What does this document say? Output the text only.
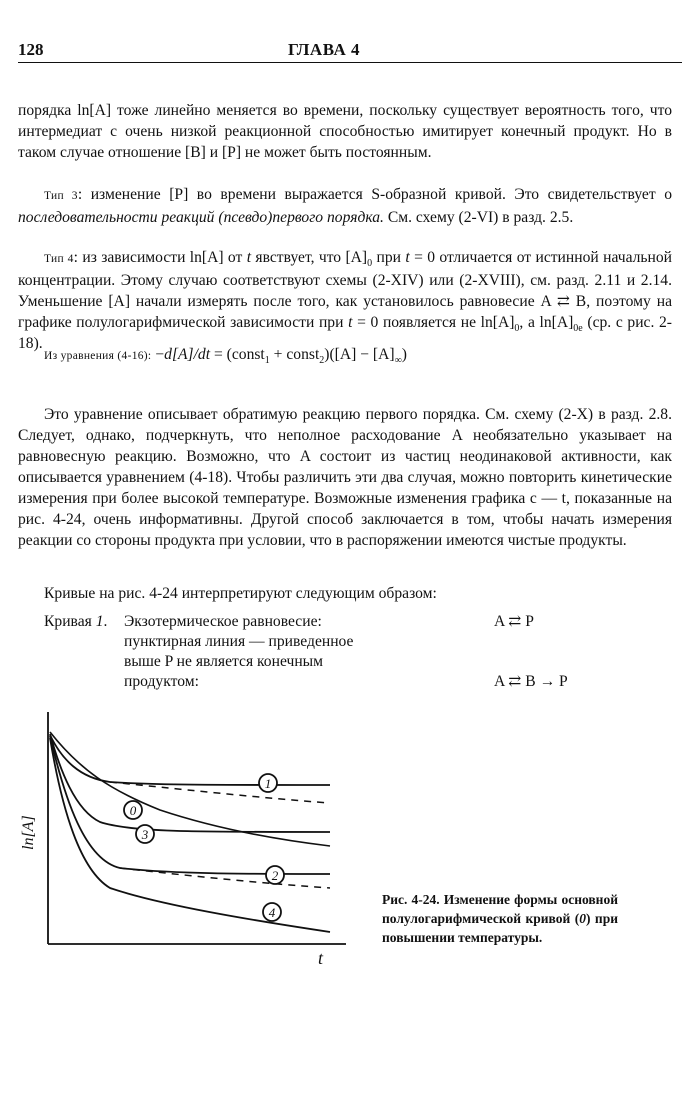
128	ГЛАВА 4

порядка ln[A] тоже линейно меняется во времени, поскольку существует вероятность того, что интермедиат с очень низкой реакционной способностью имитирует конечный продукт. Но в таком случае отношение [B] и [P] не может быть постоянным.

Тип 3: изменение [P] во времени выражается S-образной кривой. Это свидетельствует о последовательности реакций (псевдо)первого порядка. См. схему (2-VI) в разд. 2.5.

Тип 4: из зависимости ln[A] от t явствует, что $[A]_0$ при t = 0 отличается от истинной начальной концентрации. Этому случаю соответствуют схемы (2-XIV) или (2-XVIII), см. разд. 2.11 и 2.14. Уменьшение [A] начали измерять после того, как установилось равновесие A ⇄ B, поэтому на графике полулогарифмической зависимости при t = 0 появляется не $\ln[A]_0$, а $\ln[A]_{0e}$ (ср. с рис. 2-18).

Из уравнения (4-16): −d[A]/dt = (const$_1$ + const$_2$)([A] − $[A]_\infty$)

Это уравнение описывает обратимую реакцию первого порядка. См. схему (2-X) в разд. 2.8. Следует, однако, подчеркнуть, что неполное расходование A необязательно указывает на равновесную реакцию. Возможно, что A состоит из частиц неодинаковой активности, как описывается уравнением (4-18). Чтобы различить эти два случая, можно повторить кинетические измерения при более высокой температуре. Возможные изменения графика c — t, показанные на рис. 4-24, очень информативны. Другой способ заключается в том, чтобы начать измерения реакции со стороны продукта при условии, что в распоряжении имеются чистые продукты.

Кривые на рис. 4-24 интерпретируют следующим образом:

Кривая 1. Экзотермическое равновесие:
пунктирная линия — приведенное
выше P не является конечным
продуктом:
A ⇄ P
A ⇄ B → P
1
0
3
2
4
ln[A]
t
Рис. 4-24. Изменение формы основной полулогарифмической кривой (0) при повышении температуры.
